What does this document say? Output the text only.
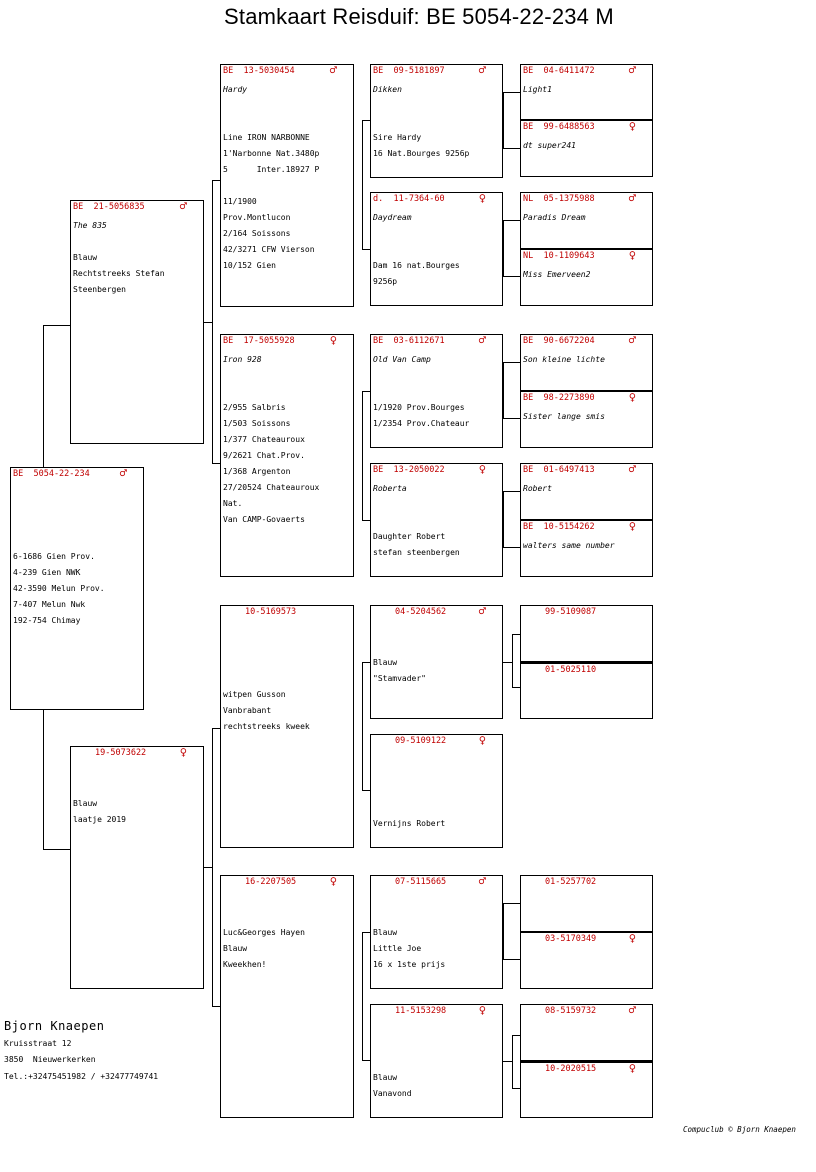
Stamkaart Reisduif: BE 5054-22-234 M
BE  5054-22-234	♂
6-1686 Gien Prov.
4-239 Gien NWK
42-3590 Melun Prov.
7-407 Melun Nwk
192-754 Chimay
BE  21-5056835	♂
The 835
Blauw
Rechtstreeks Stefan
Steenbergen
19-5073622	♀
Blauw
laatje 2019
BE  13-5030454	♂
Hardy
Line IRON NARBONNE
1'Narbonne Nat.3480p
5      Inter.18927 P
11/1900
Prov.Montlucon
2/164 Soissons
42/3271 CFW Vierson
10/152 Gien
BE  17-5055928	♀
Iron 928
2/955 Salbris
1/503 Soissons
1/377 Chateauroux
9/2621 Chat.Prov.
1/368 Argenton
27/20524 Chateauroux
Nat.
Van CAMP-Govaerts
10-5169573
witpen Gusson
Vanbrabant
rechtstreeks kweek
16-2207505	♀
Luc&Georges Hayen
Blauw
Kweekhen!
BE  09-5181897	♂
Dikken
Sire Hardy
16 Nat.Bourges 9256p
d.  11-7364-60	♀
Daydream
Dam 16 nat.Bourges
9256p
BE  03-6112671	♂
Old Van Camp
1/1920 Prov.Bourges
1/2354 Prov.Chateaur
BE  13-2050022	♀
Roberta
Daughter Robert
stefan steenbergen
04-5204562	♂
Blauw
"Stamvader"
09-5109122	♀
Vernijns Robert
07-5115665	♂
Blauw
Little Joe
16 x 1ste prijs
11-5153298	♀
Blauw
Vanavond
BE  04-6411472	♂
Light1
BE  99-6488563	♀
dt super241
NL  05-1375988	♂
Paradis Dream
NL  10-1109643	♀
Miss Emerveen2
BE  90-6672204	♂
Son kleine lichte
BE  98-2273890	♀
Sister lange smis
BE  01-6497413	♂
Robert
BE  10-5154262	♀
walters same number
99-5109087
01-5025110
01-5257702
03-5170349	♀
08-5159732	♂
10-2020515	♀
Bjorn Knaepen
Kruisstraat 12
3850  Nieuwerkerken
Tel.:+32475451982 / +32477749741
Compuclub © Bjorn Knaepen
